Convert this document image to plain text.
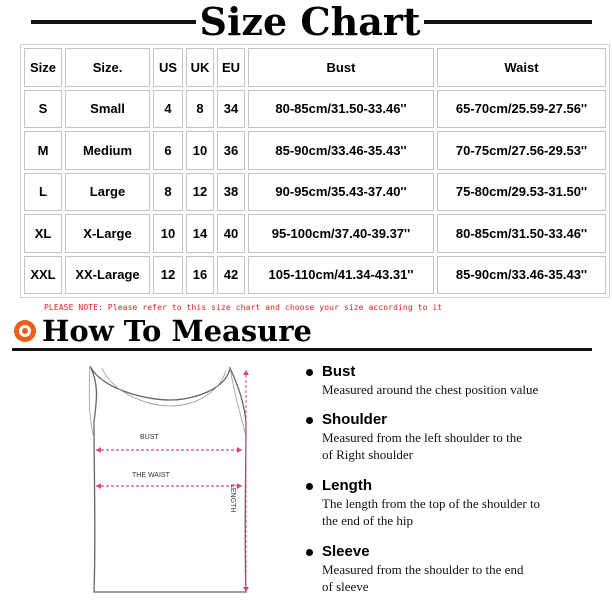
Size Chart
Size	Size.	US	UK	EU	Bust	Waist
S	Small	4	8	34	80-85cm/31.50-33.46''	65-70cm/25.59-27.56''
M	Medium	6	10	36	85-90cm/33.46-35.43''	70-75cm/27.56-29.53''
L	Large	8	12	38	90-95cm/35.43-37.40''	75-80cm/29.53-31.50''
XL	X-Large	10	14	40	95-100cm/37.40-39.37''	80-85cm/31.50-33.46''
XXL	XX-Larage	12	16	42	105-110cm/41.34-43.31''	85-90cm/33.46-35.43''
PLEASE NOTE: Please refer to this size chart and choose your size according to it
How To Measure
BUST
THE WAIST
LENGTH
Bust
Measured around the chest position value
Shoulder
Measured from the left shoulder to the
of Right shoulder
Length
The length from the top of the shoulder to
the end of the hip
Sleeve
Measured from the shoulder to the end
of sleeve
